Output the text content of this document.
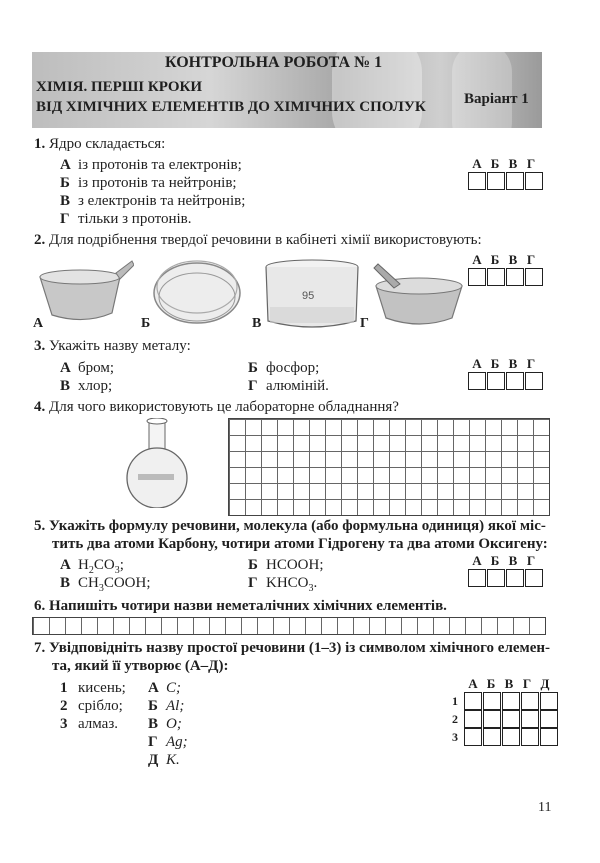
КОНТРОЛЬНА РОБОТА № 1
ХІМІЯ. ПЕРШІ КРОКИ
ВІД ХІМІЧНИХ ЕЛЕМЕНТІВ ДО ХІМІЧНИХ СПОЛУК	Варіант 1
1. Ядро складається:
А із протонів та електронів;
Б із протонів та нейтронів;
В з електронів та нейтронів;
Г тільки з протонів.
А Б В Г
2. Для подрібнення твердої речовини в кабінеті хімії використовують:
А Б В Г
95
А	Б	В	Г
3. Укажіть назву металу:
А бром;	Б фосфор;
В хлор;	Г алюміній.
А Б В Г
4. Для чого використовують це лабораторне обладнання?
5. Укажіть формулу речовини, молекула (або формульна одиниця) якої міс-
тить два атоми Карбону, чотири атоми Гідрогену та два атоми Оксигену:
А $H_2CO_3$;	Б HCOOH;
В $CH_3COOH$;	Г $KHCO_3$.
А Б В Г
6. Напишіть чотири назви неметалічних хімічних елементів.
7. Увідповідніть назву простої речовини (1–3) із символом хімічного елемен-
та, який її утворює (А–Д):
1 кисень;
2 срібло;
3 алмаз.
А C;
Б Al;
В O;
Г Ag;
Д K.
А Б В Г Д
1
2
3
11
